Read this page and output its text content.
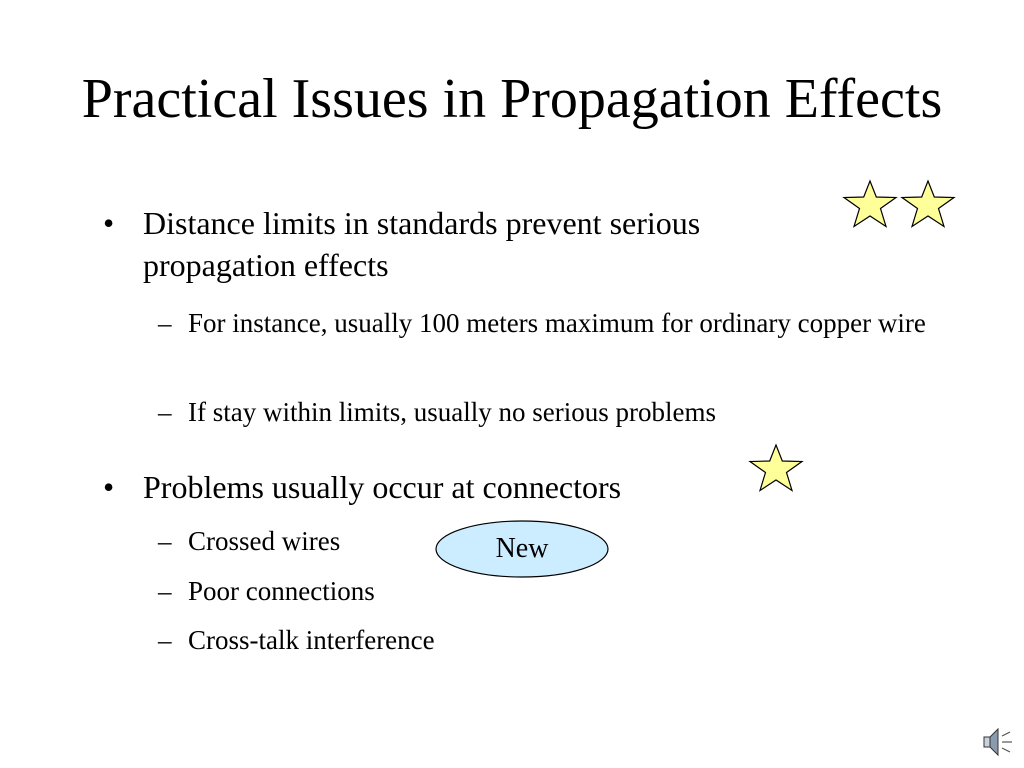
Practical Issues in Propagation Effects
• Distance limits in standards prevent serious propagation effects
– For instance, usually 100 meters maximum for ordinary copper wire
– If stay within limits, usually no serious problems
• Problems usually occur at connectors
– Crossed wires
– Poor connections
– Cross-talk interference
New
